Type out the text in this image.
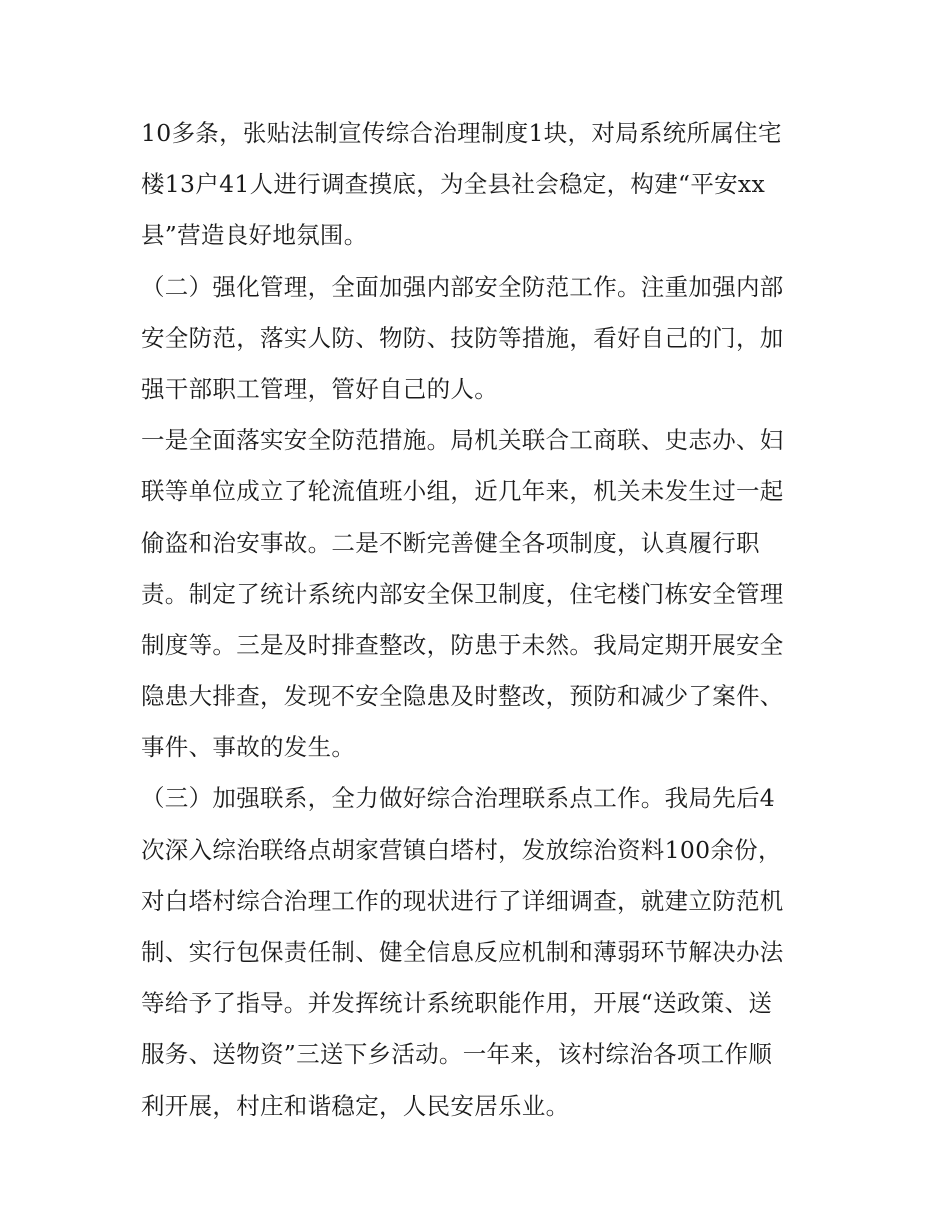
10多条，张贴法制宣传综合治理制度1块，对局系统所属住宅
楼13户41人进行调查摸底，为全县社会稳定，构建“平安xx
县”营造良好地氛围。
（二）强化管理，全面加强内部安全防范工作。注重加强内部
安全防范，落实人防、物防、技防等措施，看好自己的门，加
强干部职工管理，管好自己的人。
一是全面落实安全防范措施。局机关联合工商联、史志办、妇
联等单位成立了轮流值班小组，近几年来，机关未发生过一起
偷盗和治安事故。二是不断完善健全各项制度，认真履行职
责。制定了统计系统内部安全保卫制度，住宅楼门栋安全管理
制度等。三是及时排查整改，防患于未然。我局定期开展安全
隐患大排查，发现不安全隐患及时整改，预防和减少了案件、
事件、事故的发生。
（三）加强联系，全力做好综合治理联系点工作。我局先后4
次深入综治联络点胡家营镇白塔村，发放综治资料100余份，
对白塔村综合治理工作的现状进行了详细调查，就建立防范机
制、实行包保责任制、健全信息反应机制和薄弱环节解决办法
等给予了指导。并发挥统计系统职能作用，开展“送政策、送
服务、送物资”三送下乡活动。一年来，该村综治各项工作顺
利开展，村庄和谐稳定，人民安居乐业。
